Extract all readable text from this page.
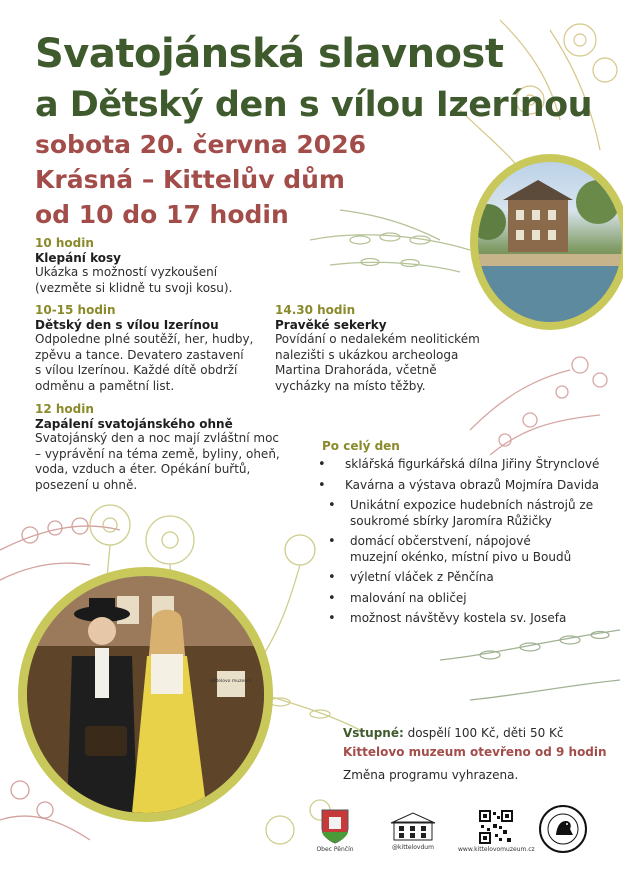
Svatojánská slavnost
a Dětský den s vílou Izerínou
sobota 20. června 2026
Krásná – Kittelův dům
od 10 do 17 hodin
10 hodin
Klepání kosy
Ukázka s možností vyzkoušení
(vezměte si klidně tu svoji kosu).
10-15 hodin
Dětský den s vílou Izerínou
Odpoledne plné soutěží, her, hudby,
zpěvu a tance. Devatero zastavení
s vílou Izerínou. Každé dítě obdrží
odměnu a pamětní list.
12 hodin
Zapálení svatojánského ohně
Svatojánský den a noc mají zvláštní moc
– vyprávění na téma země, byliny, oheň,
voda, vzduch a éter. Opékání buřtů,
posezení u ohně.
14.30 hodin
Pravěké sekerky
Povídání o nedalekém neolitickém
nalezišti s ukázkou archeologa
Martina Drahoráda, včetně
vycházky na místo těžby.
Po celý den
• sklářská figurkářská dílna Jiřiny Štrynclové
• Kavárna a výstava obrazů Mojmíra Davida
• Unikátní expozice hudebních nástrojů ze
soukromé sbírky Jaromíra Růžičky
• domácí občerstvení, nápojové
muzejní okénko, místní pivo u Boudů
• výletní vláček z Pěnčína
• malování na obličej
• možnost návštěvy kostela sv. Josefa
Kittelovo muzeum
Vstupné: dospělí 100 Kč, děti 50 Kč
Kittelovo muzeum otevřeno od 9 hodin
Změna programu vyhrazena.
Obec Pěnčín	@kittelovdum	www.kittelovomuzeum.cz
